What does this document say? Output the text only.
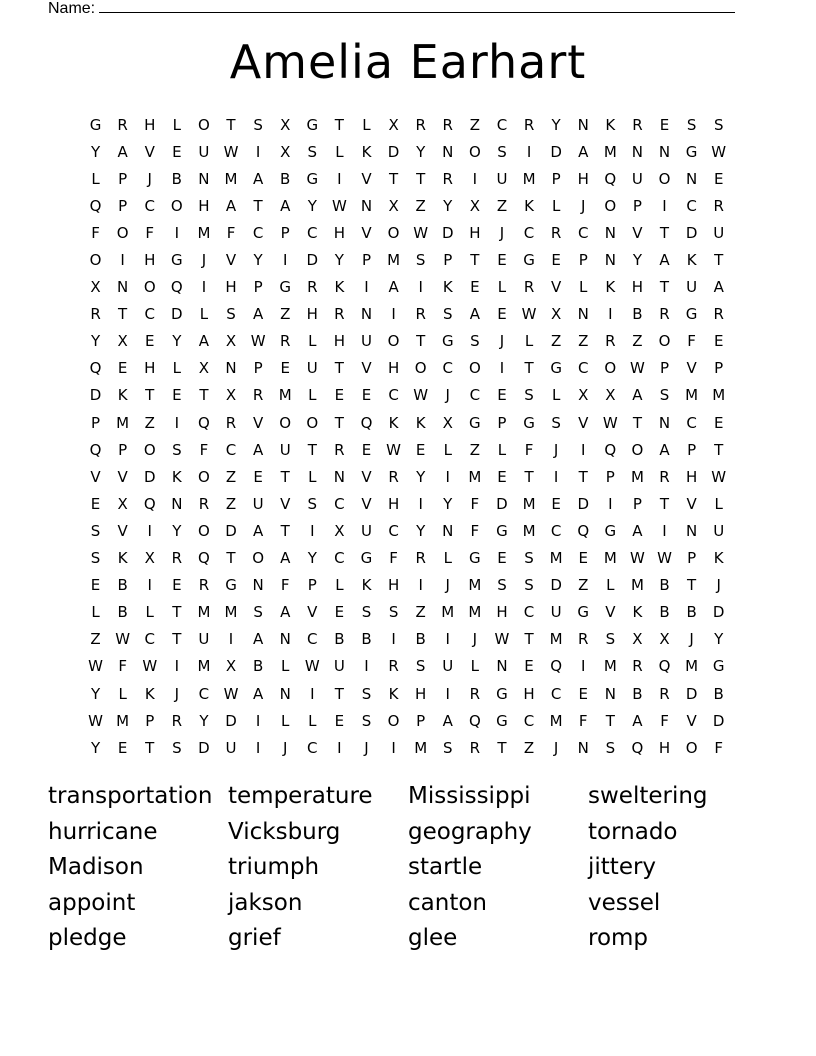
Name:
Amelia Earhart
G	R	H	L	O	T	S	X	G	T	L	X	R	R	Z	C	R	Y	N	K	R	E	S	S
Y	A	V	E	U W	I	X	S	L	K	D	Y	N	O	S	I	D	A	M	N	N	G W
L	P	J	B	N	M	A	B	G	I	V	T	T	R	I	U	M	P	H	Q	U	O	N	E
Q	P	C	O	H	A	T	A	Y	W N	X	Z	Y	X	Z	K	L	J	O	P	I	C	R
F	O	F	I	M	F	C	P	C	H	V	O W D	H	J	C	R	C	N	V	T	D	U
O	I	H	G	J	V	Y	I	D	Y	P	M	S	P	T	E	G	E	P	N	Y	A	K	T
X	N	O	Q	I	H	P	G	R	K	I	A	I	K	E	L	R	V	L	K	H	T	U	A
R	T	C	D	L	S	A	Z	H	R	N	I	R	S	A	E W X	N	I	B	R	G	R
Y	X	E	Y	A	X W R	L	H	U	O	T	G	S	J	L	Z	Z	R	Z	O	F	E
Q	E	H	L	X	N	P	E	U	T	V	H	O	C	O	I	T	G	C	O W	P	V	P
D	K	T	E	T	X	R	M	L	E	E	C W	J	C	E	S	L	X	X	A	S	M M
P	M	Z	I	Q	R	V	O	O	T	Q	K	K	X	G	P	G	S	V W	T	N	C	E
Q	P	O	S	F	C	A	U	T	R	E W E	L	Z	L	F	J	I	Q	O	A	P	T
V	V	D	K	O	Z	E	T	L	N	V	R	Y	I	M	E	T	I	T	P	M	R	H W
E	X	Q	N	R	Z	U	V	S	C	V	H	I	Y	F	D M	E	D	I	P	T	V	L
S	V	I	Y	O	D	A	T	I	X	U	C	Y	N	F	G M	C	Q	G	A	I	N	U
S	K	X	R	Q	T	O	A	Y	C	G	F	R	L	G	E	S	M	E	M W W	P	K
E	B	I	E	R	G	N	F	P	L	K	H	I	J	M	S	S	D	Z	L	M	B	T	J
L	B	L	T	M M	S	A	V	E	S	S	Z	M M H	C	U	G	V	K	B	B	D
Z W C	T	U	I	A	N	C	B	B	I	B	I	J	W	T	M	R	S	X	X	J	Y
W	F	W	I	M	X	B	L	W U	I	R	S	U	L	N	E	Q	I	M	R	Q M G
Y	L	K	J	C W A	N	I	T	S	K	H	I	R	G	H	C	E	N	B	R	D	B
W M	P	R	Y	D	I	L	L	E	S	O	P	A	Q	G	C	M	F	T	A	F	V	D
Y	E	T	S	D	U	I	J	C	I	J	I	M	S	R	T	Z	J	N	S	Q	H	O	F
transportation temperature	Mississippi	sweltering
hurricane	Vicksburg	geography	tornado
Madison	triumph	startle	jittery
appoint	jakson	canton	vessel
pledge	grief	glee	romp
